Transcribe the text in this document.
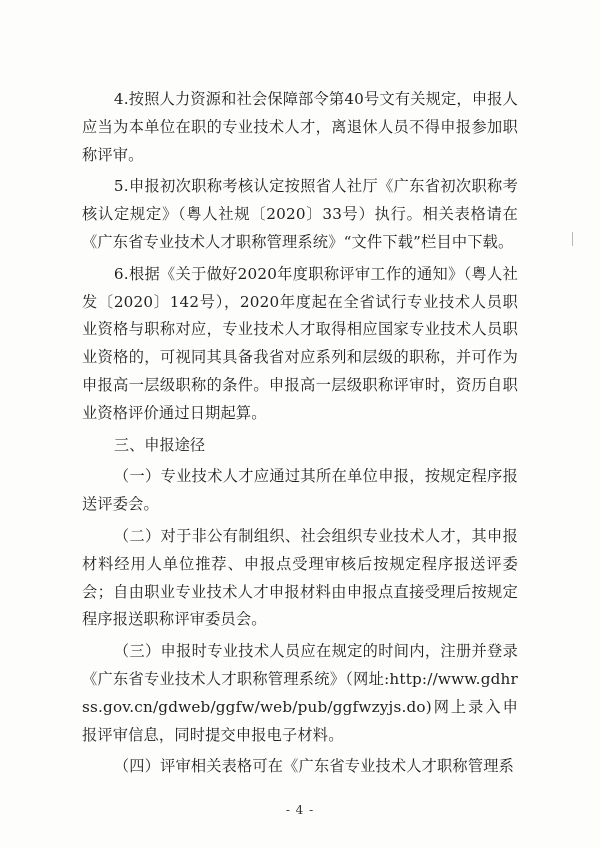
4.按照人力资源和社会保障部令第40号文有关规定，申报人应当为本单位在职的专业技术人才，离退休人员不得申报参加职称评审。

5.申报初次职称考核认定按照省人社厅《广东省初次职称考核认定规定》（粤人社规〔2020〕33号）执行。相关表格请在《广东省专业技术人才职称管理系统》“文件下载”栏目中下载。

6.根据《关于做好2020年度职称评审工作的通知》（粤人社发〔2020〕142号），2020年度起在全省试行专业技术人员职业资格与职称对应，专业技术人才取得相应国家专业技术人员职业资格的，可视同其具备我省对应系列和层级的职称，并可作为申报高一层级职称的条件。申报高一层级职称评审时，资历自职业资格评价通过日期起算。

三、申报途径

（一）专业技术人才应通过其所在单位申报，按规定程序报送评委会。

（二）对于非公有制组织、社会组织专业技术人才，其申报材料经用人单位推荐、申报点受理审核后按规定程序报送评委会；自由职业专业技术人才申报材料由申报点直接受理后按规定程序报送职称评审委员会。

（三）申报时专业技术人员应在规定的时间内，注册并登录《广东省专业技术人才职称管理系统》（网址:http://www.gdhrss.gov.cn/gdweb/ggfw/web/pub/ggfwzyjs.do)网上录入申报评审信息，同时提交申报电子材料。

（四）评审相关表格可在《广东省专业技术人才职称管理系

- 4 -
